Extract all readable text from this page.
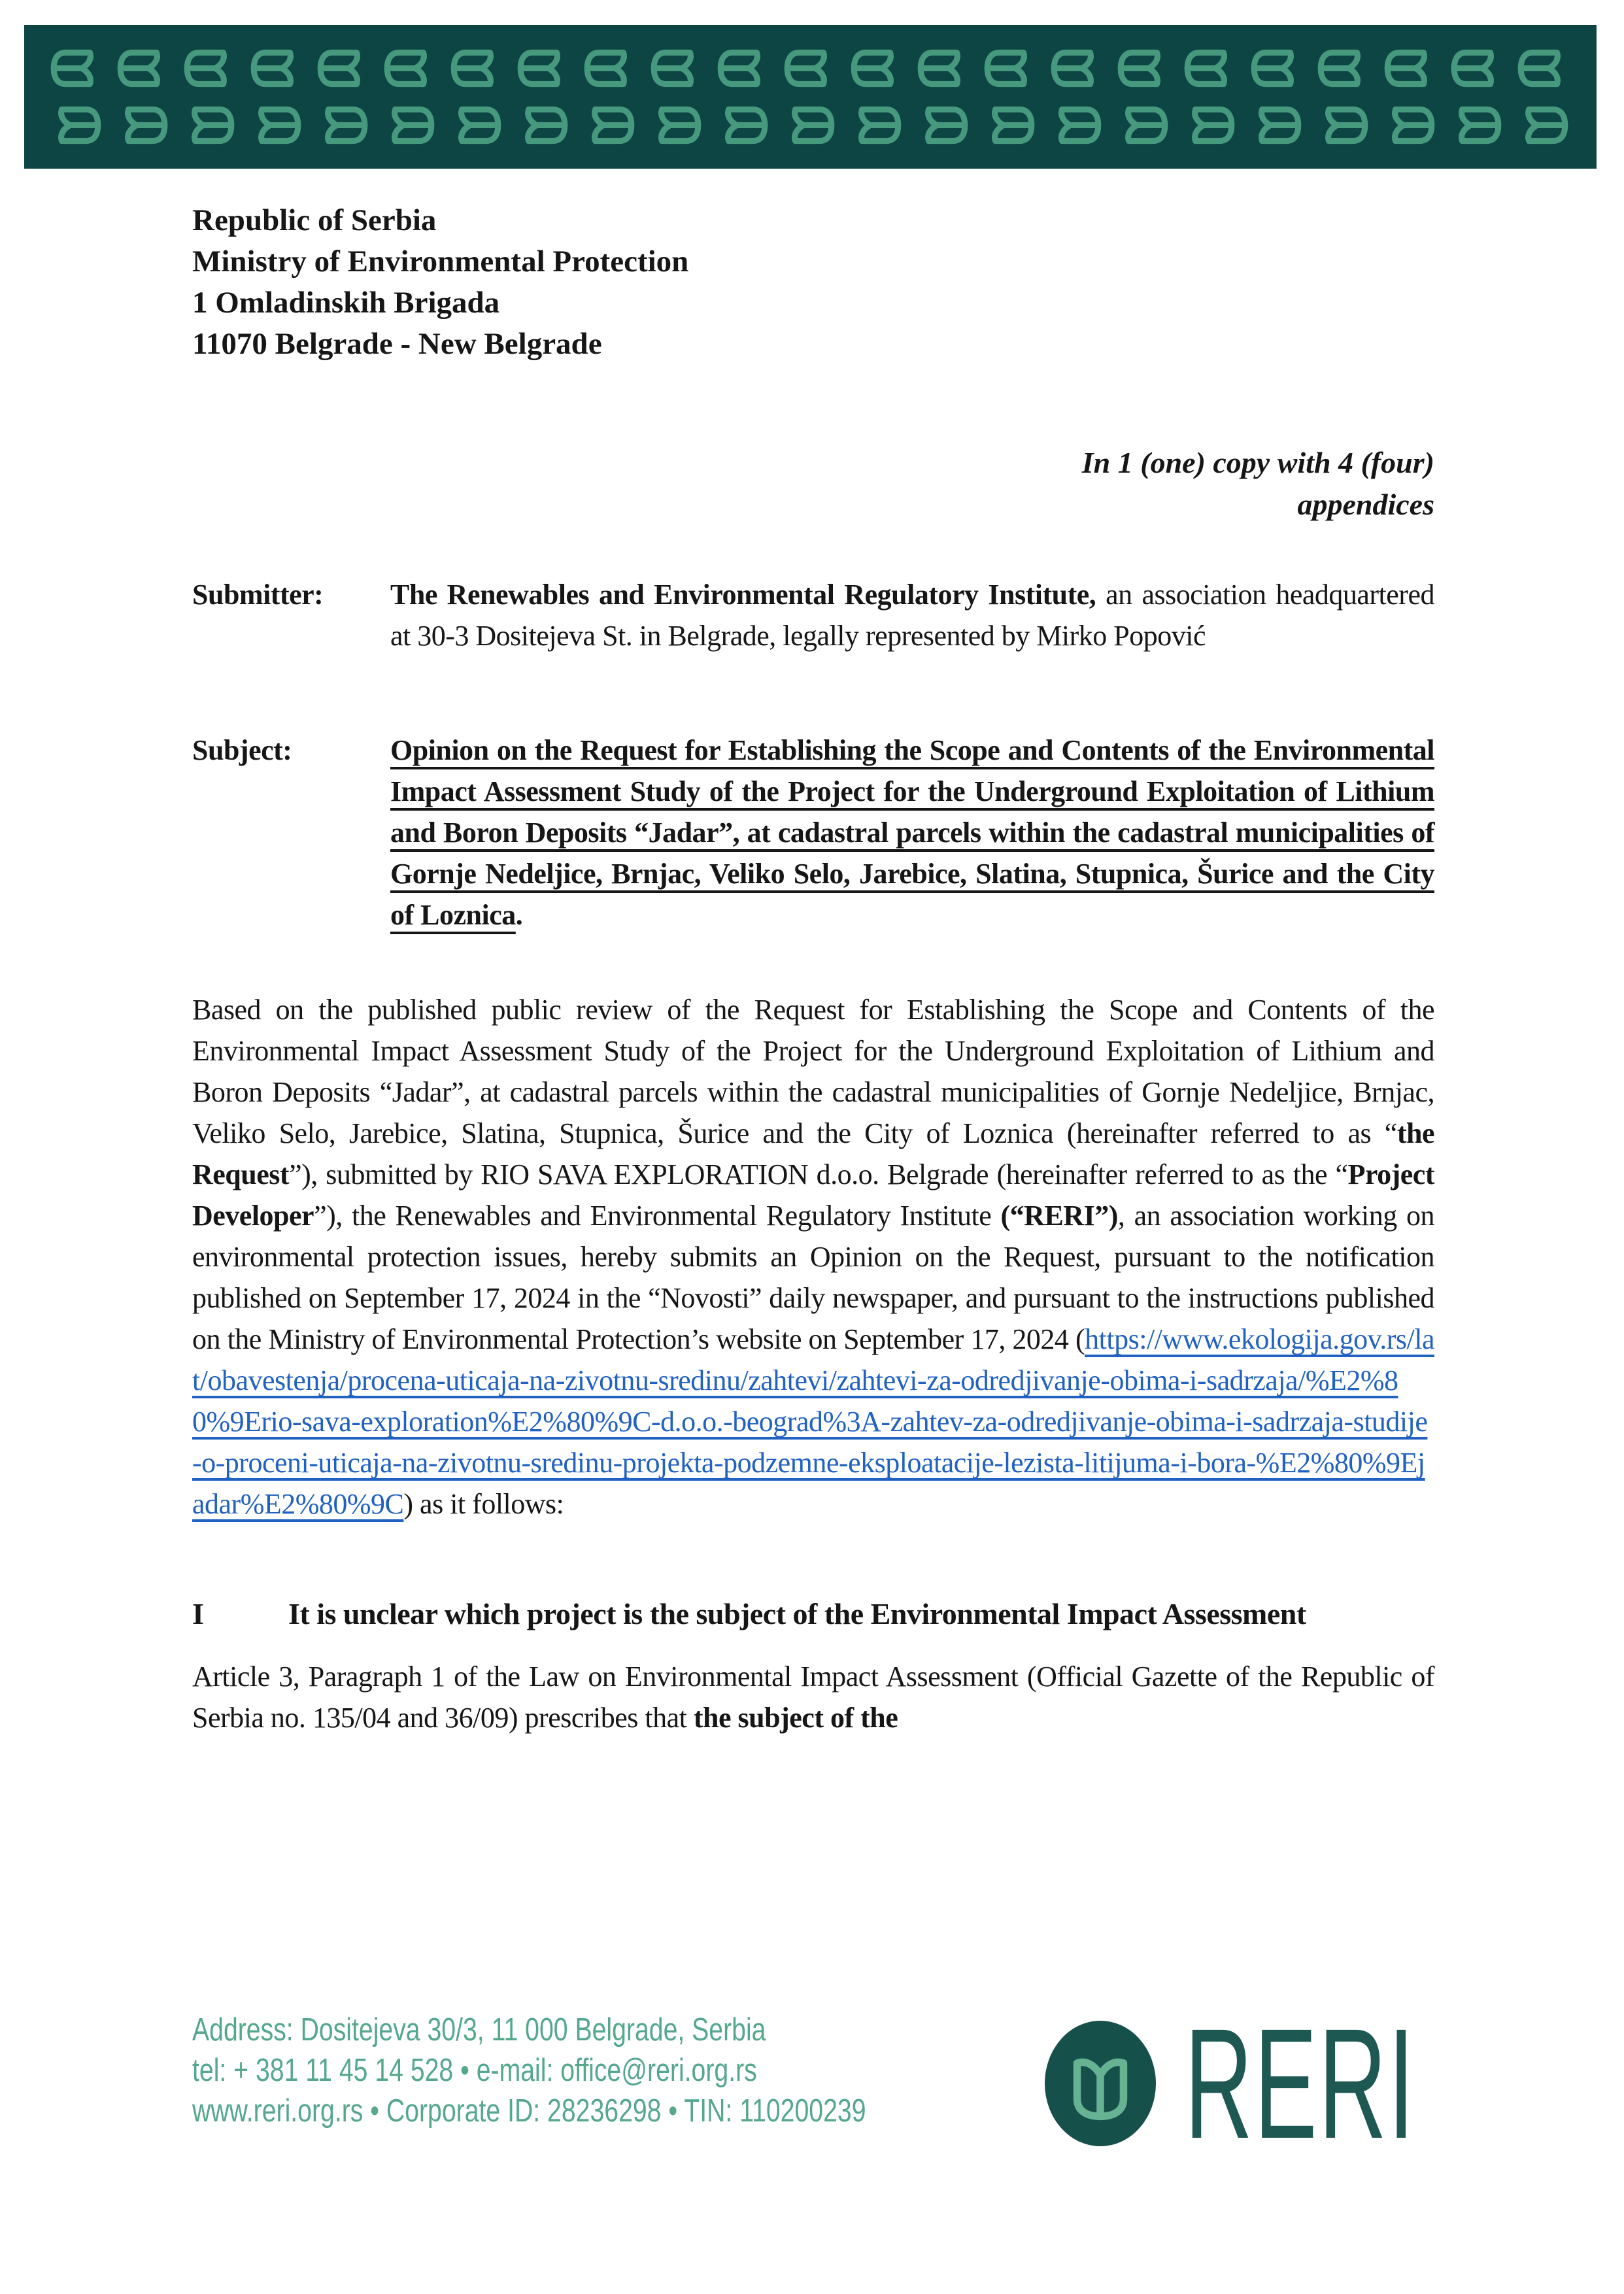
Republic of Serbia
Ministry of Environmental Protection
1 Omladinskih Brigada
11070 Belgrade - New Belgrade
In 1 (one) copy with 4 (four)
appendices
Submitter: The Renewables and Environmental Regulatory Institute, an association headquartered at 30-3 Dositejeva St. in Belgrade, legally represented by Mirko Popović
Subject:	Opinion on the Request for Establishing the Scope and Contents of the Environmental Impact Assessment Study of the Project for the Underground Exploitation of Lithium and Boron Deposits “Jadar”, at cadastral parcels within the cadastral municipalities of Gornje Nedeljice, Brnjac, Veliko Selo, Jarebice, Slatina, Stupnica, Šurice and the City of Loznica.
Based on the published public review of the Request for Establishing the Scope and Contents of the Environmental Impact Assessment Study of the Project for the Underground Exploitation of Lithium and Boron Deposits “Jadar”, at cadastral parcels within the cadastral municipalities of Gornje Nedeljice, Brnjac, Veliko Selo, Jarebice, Slatina, Stupnica, Šurice and the City of Loznica (hereinafter referred to as “the Request”), submitted by RIO SAVA EXPLORATION d.o.o. Belgrade (hereinafter referred to as the “Project Developer”), the Renewables and Environmental Regulatory Institute (“RERI”), an association working on environmental protection issues, hereby submits an Opinion on the Request, pursuant to the notification published on September 17, 2024 in the “Novosti” daily newspaper, and pursuant to the instructions published on the Ministry of Environmental Protection’s website on September 17, 2024 (https://www.ekologija.gov.rs/lat/obavestenja/procena-uticaja-na-zivotnu-sredinu/zahtevi/zahtevi-za-odredjivanje-obima-i-sadrzaja/%E2%80%9Erio-sava-exploration%E2%80%9C-d.o.o.-beograd%3A-zahtev-za-odredjivanje-obima-i-sadrzaja-studije-o-proceni-uticaja-na-zivotnu-sredinu-projekta-podzemne-eksploatacije-lezista-litijuma-i-bora-%E2%80%9Ejadar%E2%80%9C) as it follows:
I	It is unclear which project is the subject of the Environmental Impact Assessment
Article 3, Paragraph 1 of the Law on Environmental Impact Assessment (Official Gazette of the Republic of Serbia no. 135/04 and 36/09) prescribes that the subject of the
Address: Dositejeva 30/3, 11 000 Belgrade, Serbia
tel: + 381 11 45 14 528 • e-mail: office@reri.org.rs
www.reri.org.rs • Corporate ID: 28236298 • TIN: 110200239 RERI
